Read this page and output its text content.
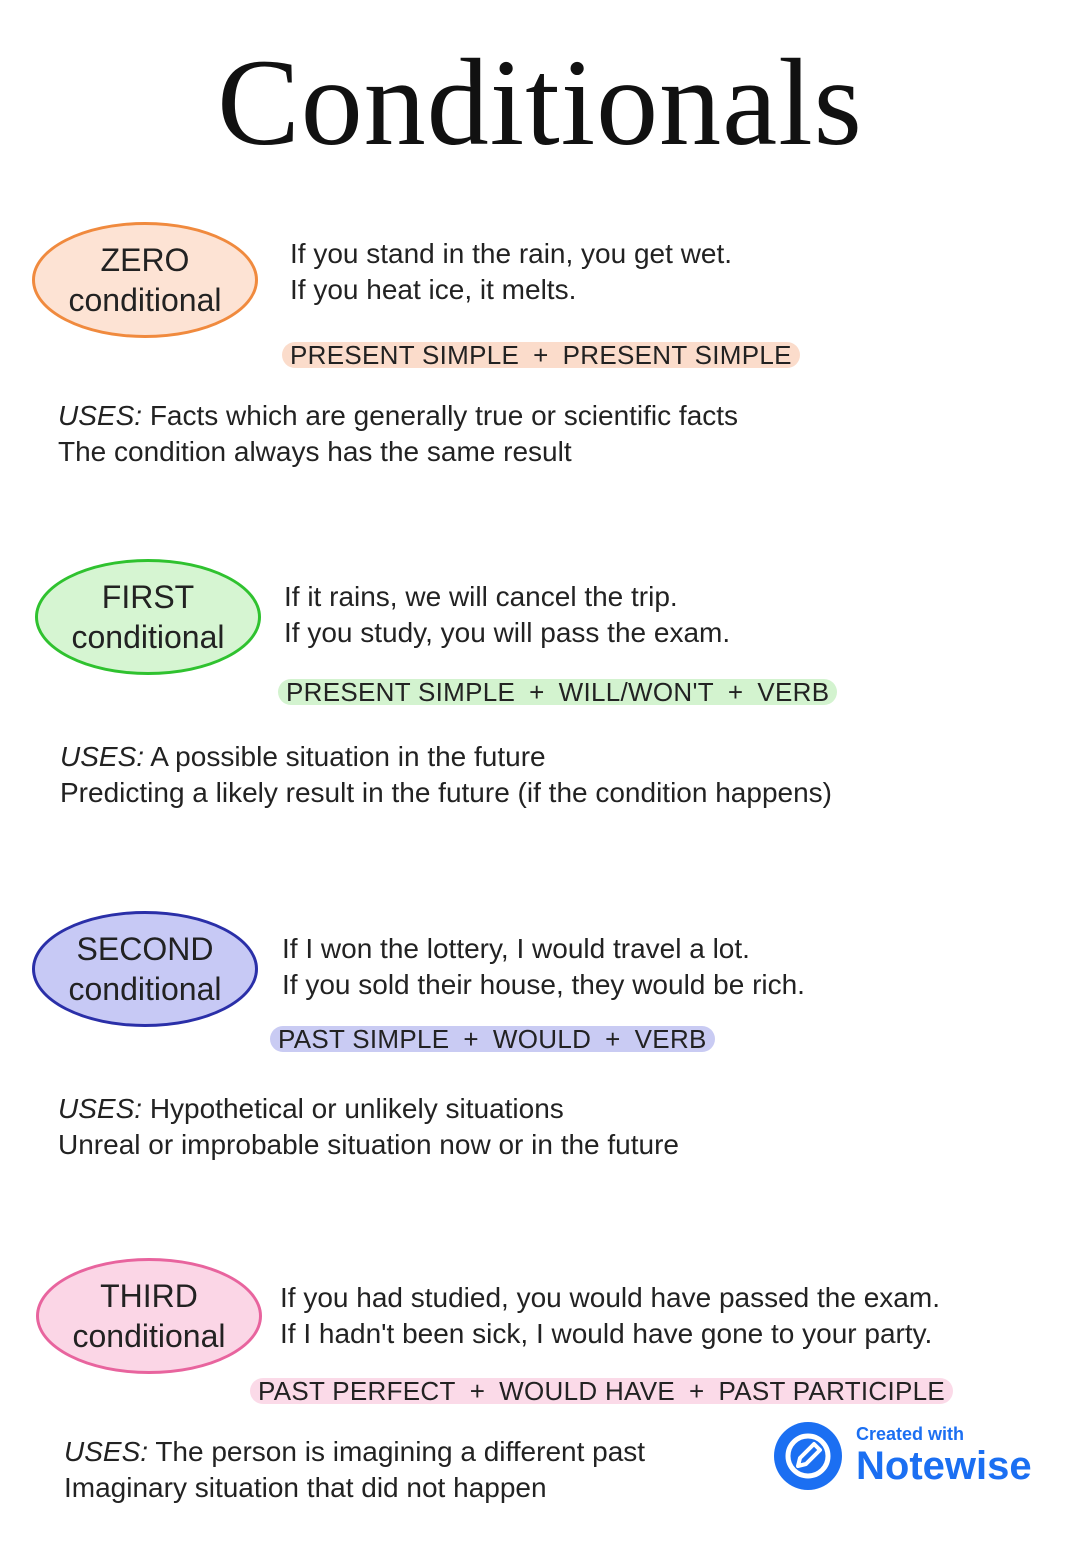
Conditionals
ZERO
conditional
If you stand in the rain, you get wet.
If you heat ice, it melts.
PRESENT SIMPLE + PRESENT SIMPLE
USES: Facts which are generally true or scientific facts
The condition always has the same result
FIRST
conditional
If it rains, we will cancel the trip.
If you study, you will pass the exam.
PRESENT SIMPLE + WILL/WON'T + VERB
USES: A possible situation in the future
Predicting a likely result in the future (if the condition happens)
SECOND
conditional
If I won the lottery, I would travel a lot.
If you sold their house, they would be rich.
PAST SIMPLE + WOULD + VERB
USES: Hypothetical or unlikely situations
Unreal or improbable situation now or in the future
THIRD
conditional
If you had studied, you would have passed the exam.
If I hadn't been sick, I would have gone to your party.
PAST PERFECT + WOULD HAVE + PAST PARTICIPLE
USES: The person is imagining a different past
Imaginary situation that did not happen
Created with
Notewise
